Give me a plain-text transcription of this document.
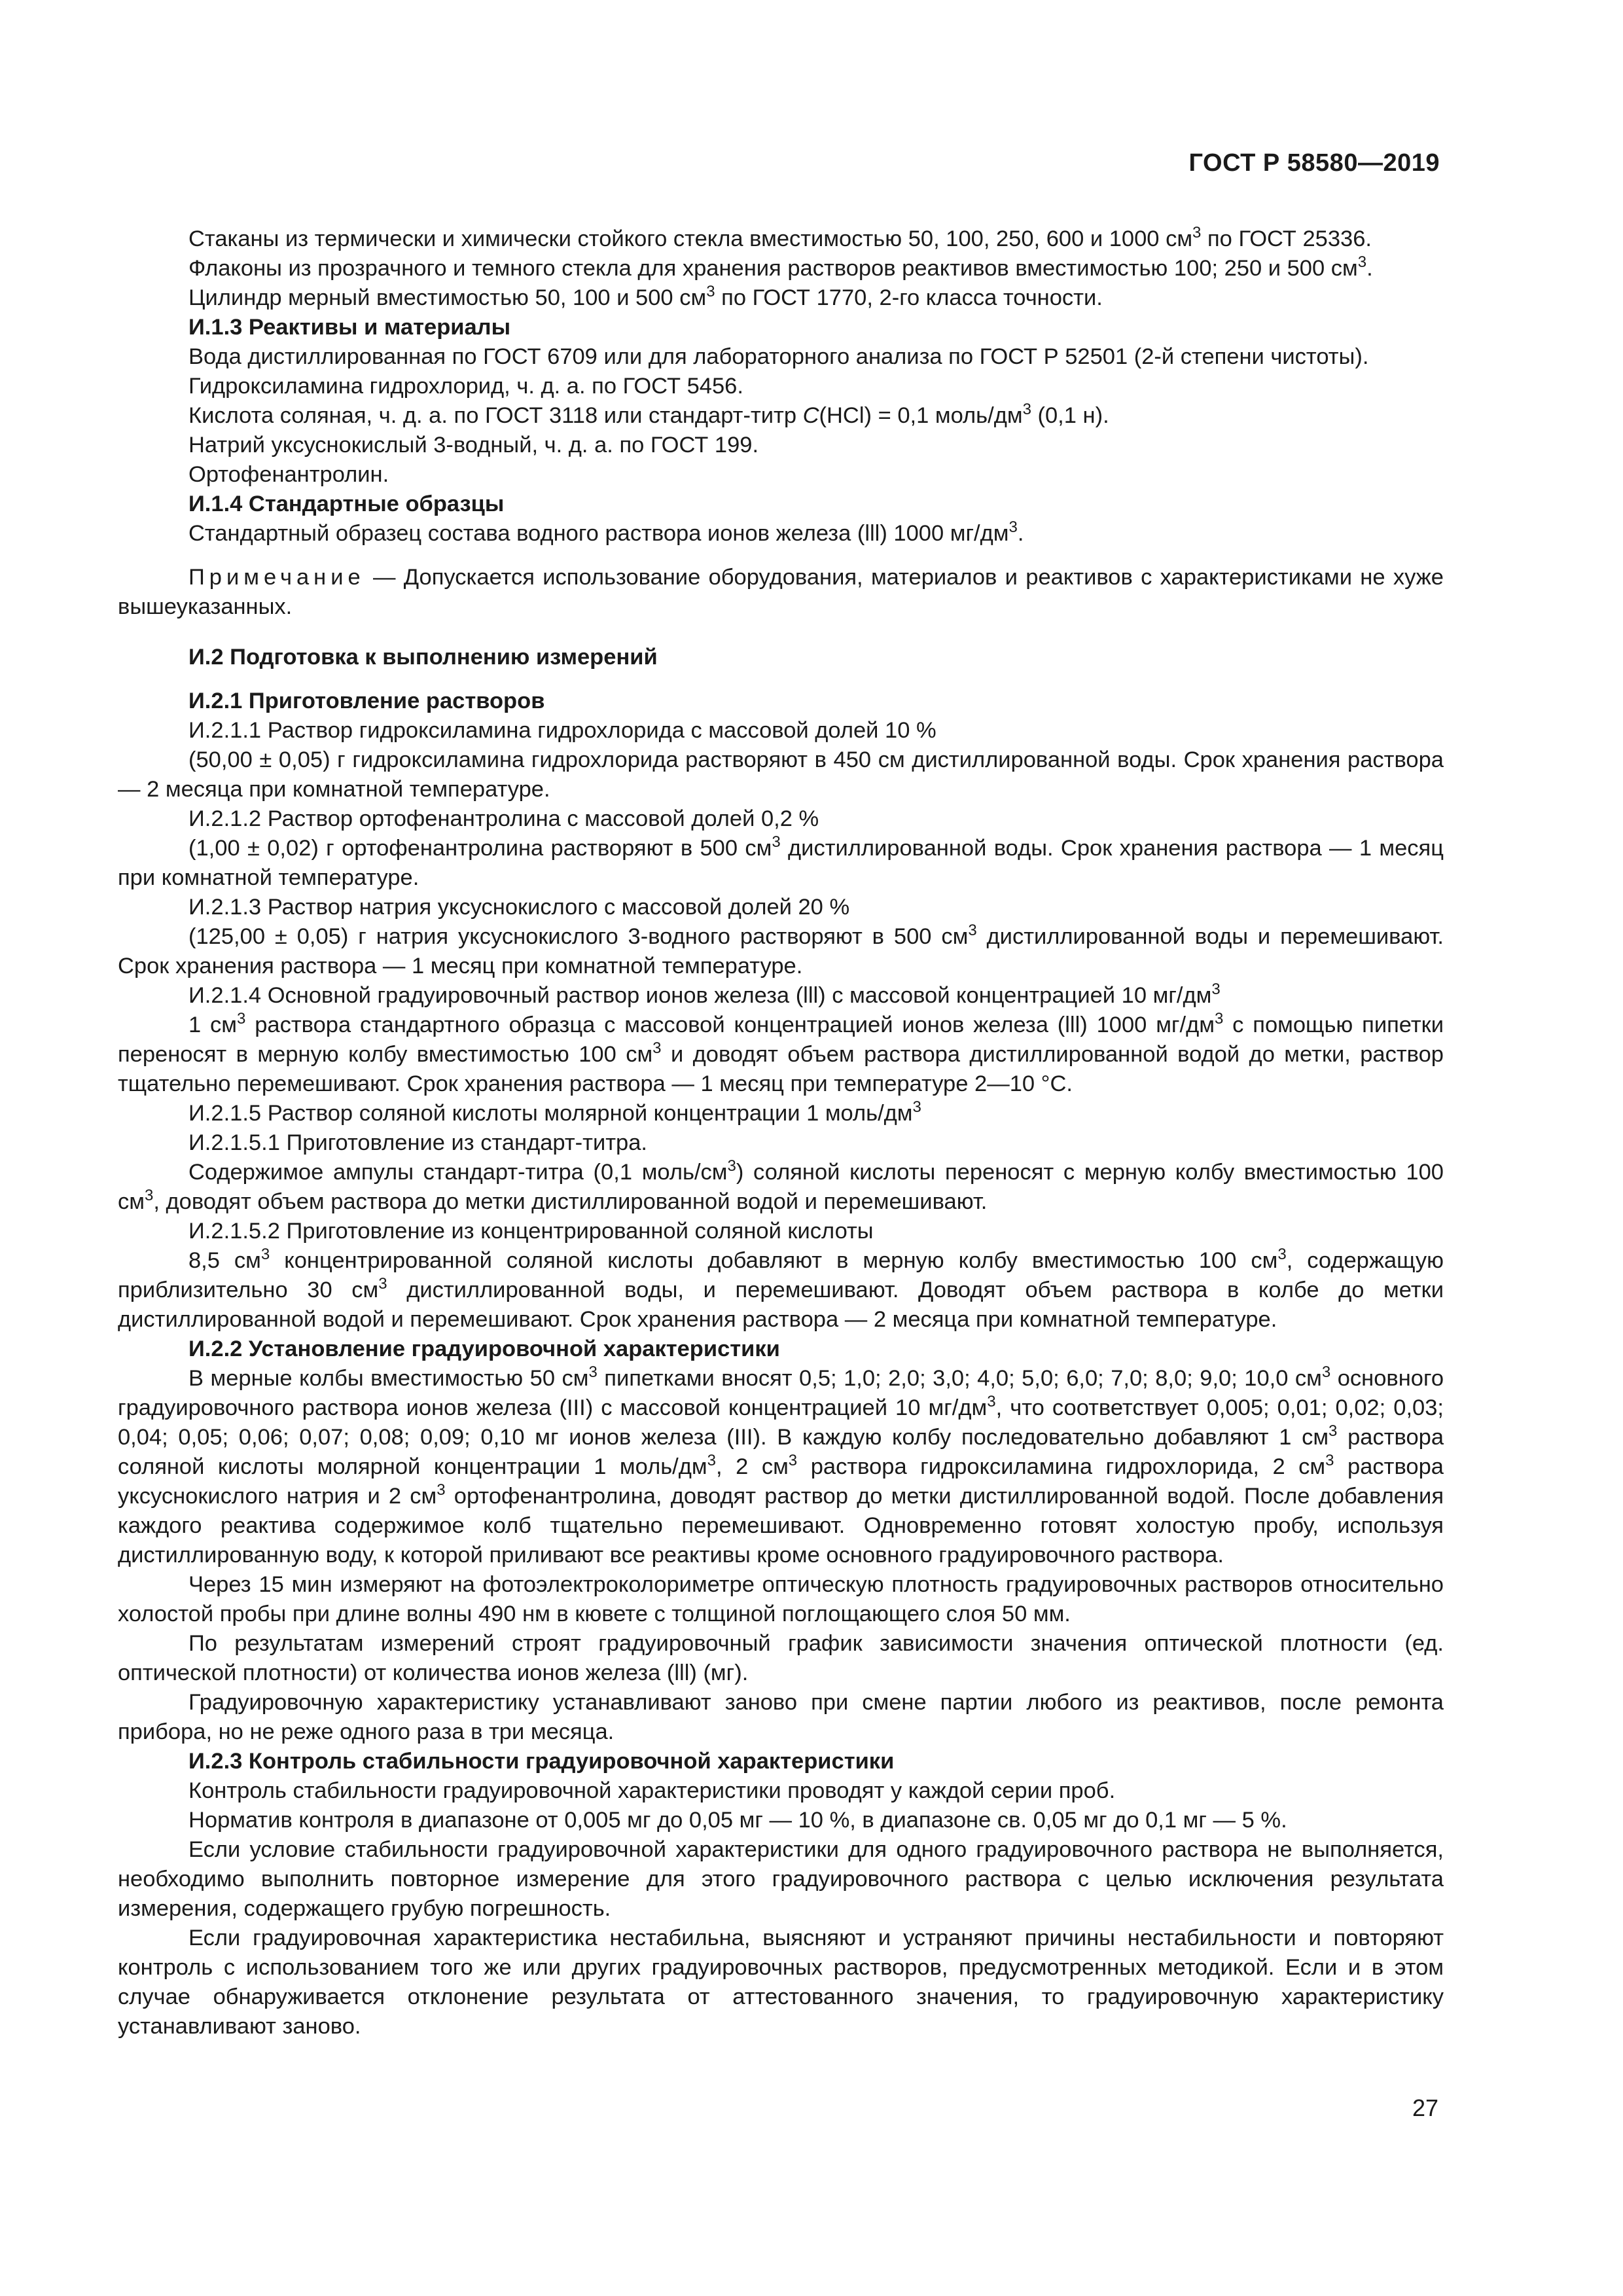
ГОСТ Р 58580—2019

Стаканы из термически и химически стойкого стекла вместимостью 50, 100, 250, 600 и 1000 $см^3$ по ГОСТ 25336.

Флаконы из прозрачного и темного стекла для хранения растворов реактивов вместимостью 100; 250 и 500 $см^3$.

Цилиндр мерный вместимостью 50, 100 и 500 $см^3$ по ГОСТ 1770, 2-го класса точности.

И.1.3 Реактивы и материалы

Вода дистиллированная по ГОСТ 6709 или для лабораторного анализа по ГОСТ Р 52501 (2-й степени чистоты).

Гидроксиламина гидрохлорид, ч. д. а. по ГОСТ 5456.

Кислота соляная, ч. д. а. по ГОСТ 3118 или стандарт-титр C(HCl) = 0,1 моль/$дм^3$ (0,1 н).

Натрий уксуснокислый 3-водный, ч. д. а. по ГОСТ 199.

Ортофенантролин.

И.1.4 Стандартные образцы

Стандартный образец состава водного раствора ионов железа (lll) 1000 $мг/дм^3$.

Примечание — Допускается использование оборудования, материалов и реактивов с характеристиками не хуже вышеуказанных.

И.2 Подготовка к выполнению измерений

И.2.1 Приготовление растворов

И.2.1.1 Раствор гидроксиламина гидрохлорида с массовой долей 10 %

(50,00 ± 0,05) г гидроксиламина гидрохлорида растворяют в 450 см дистиллированной воды. Срок хранения раствора — 2 месяца при комнатной температуре.

И.2.1.2 Раствор ортофенантролина с массовой долей 0,2 %

(1,00 ± 0,02) г ортофенантролина растворяют в 500 $см^3$ дистиллированной воды. Срок хранения раствора — 1 месяц при комнатной температуре.

И.2.1.3 Раствор натрия уксуснокислого с массовой долей 20 %

(125,00 ± 0,05) г натрия уксуснокислого 3-водного растворяют в 500 $см^3$ дистиллированной воды и перемешивают. Срок хранения раствора — 1 месяц при комнатной температуре.

И.2.1.4 Основной градуировочный раствор ионов железа (lll) с массовой концентрацией 10 $мг/дм^3$

1 $см^3$ раствора стандартного образца с массовой концентрацией ионов железа (lll) 1000 $мг/дм^3$ с помощью пипетки переносят в мерную колбу вместимостью 100 $см^3$ и доводят объем раствора дистиллированной водой до метки, раствор тщательно перемешивают. Срок хранения раствора — 1 месяц при температуре 2—10 °С.

И.2.1.5 Раствор соляной кислоты молярной концентрации 1 моль/$дм^3$

И.2.1.5.1 Приготовление из стандарт-титра.

Содержимое ампулы стандарт-титра (0,1 моль/$см^3$) соляной кислоты переносят с мерную колбу вместимостью 100 $см^3$, доводят объем раствора до метки дистиллированной водой и перемешивают.

И.2.1.5.2 Приготовление из концентрированной соляной кислоты

8,5 $см^3$ концентрированной соляной кислоты добавляют в мерную колбу вместимостью 100 $см^3$, содержащую приблизительно 30 $см^3$ дистиллированной воды, и перемешивают. Доводят объем раствора в колбе до метки дистиллированной водой и перемешивают. Срок хранения раствора — 2 месяца при комнатной температуре.

И.2.2 Установление градуировочной характеристики

В мерные колбы вместимостью 50 $см^3$ пипетками вносят 0,5; 1,0; 2,0; 3,0; 4,0; 5,0; 6,0; 7,0; 8,0; 9,0; 10,0 $см^3$ основного градуировочного раствора ионов железа (III) с массовой концентрацией 10 $мг/дм^3$, что соответствует 0,005; 0,01; 0,02; 0,03; 0,04; 0,05; 0,06; 0,07; 0,08; 0,09; 0,10 мг ионов железа (III). В каждую колбу последовательно добавляют 1 $см^3$ раствора соляной кислоты молярной концентрации 1 моль/$дм^3$, 2 $см^3$ раствора гидроксиламина гидрохлорида, 2 $см^3$ раствора уксуснокислого натрия и 2 $см^3$ ортофенантролина, доводят раствор до метки дистиллированной водой. После добавления каждого реактива содержимое колб тщательно перемешивают. Одновременно готовят холостую пробу, используя дистиллированную воду, к которой приливают все реактивы кроме основного градуировочного раствора.

Через 15 мин измеряют на фотоэлектроколориметре оптическую плотность градуировочных растворов относительно холостой пробы при длине волны 490 нм в кювете с толщиной поглощающего слоя 50 мм.

По результатам измерений строят градуировочный график зависимости значения оптической плотности (ед. оптической плотности) от количества ионов железа (lll) (мг).

Градуировочную характеристику устанавливают заново при смене партии любого из реактивов, после ремонта прибора, но не реже одного раза в три месяца.

И.2.3 Контроль стабильности градуировочной характеристики

Контроль стабильности градуировочной характеристики проводят у каждой серии проб.

Норматив контроля в диапазоне от 0,005 мг до 0,05 мг — 10 %, в диапазоне св. 0,05 мг до 0,1 мг — 5 %.

Если условие стабильности градуировочной характеристики для одного градуировочного раствора не выполняется, необходимо выполнить повторное измерение для этого градуировочного раствора с целью исключения результата измерения, содержащего грубую погрешность.

Если градуировочная характеристика нестабильна, выясняют и устраняют причины нестабильности и повторяют контроль с использованием того же или других градуировочных растворов, предусмотренных методикой. Если и в этом случае обнаруживается отклонение результата от аттестованного значения, то градуировочную характеристику устанавливают заново.

27
